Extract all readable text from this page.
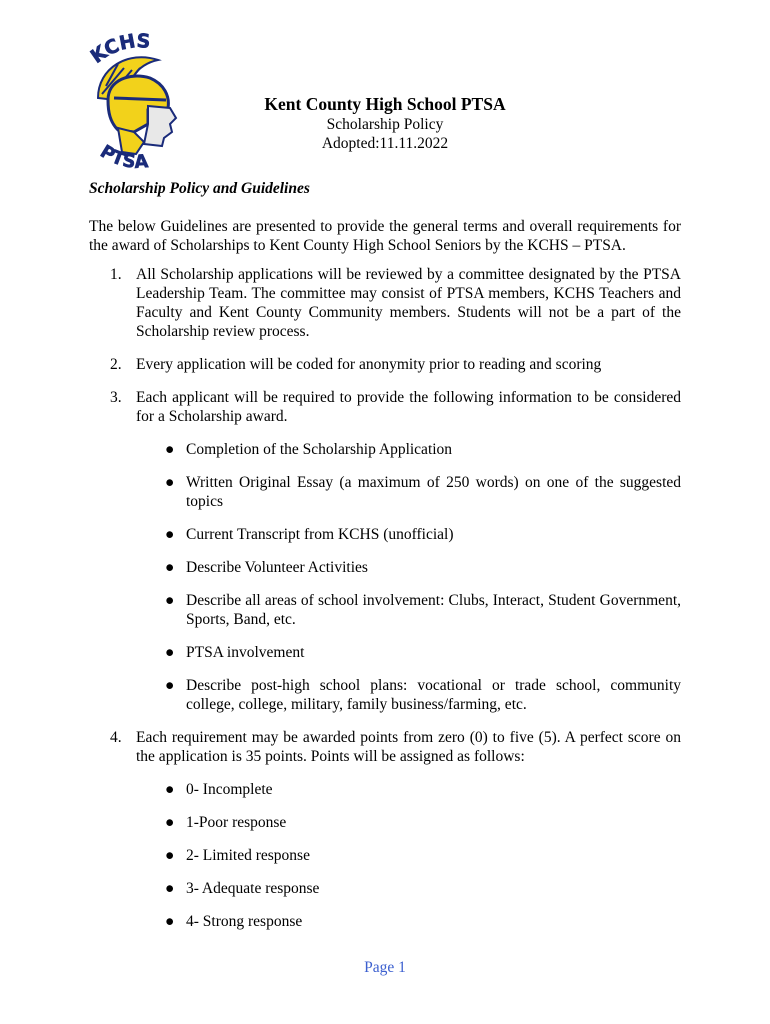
KCHS
PTSA
Kent County High School PTSA
Scholarship Policy
Adopted:11.11.2022
Scholarship Policy and Guidelines
The below Guidelines are presented to provide the general terms and overall requirements for the award of Scholarships to Kent County High School Seniors by the KCHS – PTSA.
1. All Scholarship applications will be reviewed by a committee designated by the PTSA Leadership Team. The committee may consist of PTSA members, KCHS Teachers and Faculty and Kent County Community members. Students will not be a part of the Scholarship review process.
2. Every application will be coded for anonymity prior to reading and scoring
3. Each applicant will be required to provide the following information to be considered for a Scholarship award.
● Completion of the Scholarship Application
● Written Original Essay (a maximum of 250 words) on one of the suggested topics
● Current Transcript from KCHS (unofficial)
● Describe Volunteer Activities
● Describe all areas of school involvement: Clubs, Interact, Student Government, Sports, Band, etc.
● PTSA involvement
● Describe post-high school plans: vocational or trade school, community college, college, military, family business/farming, etc.
4. Each requirement may be awarded points from zero (0) to five (5). A perfect score on the application is 35 points. Points will be assigned as follows:
● 0- Incomplete
● 1-Poor response
● 2- Limited response
● 3- Adequate response
● 4- Strong response
Page 1
